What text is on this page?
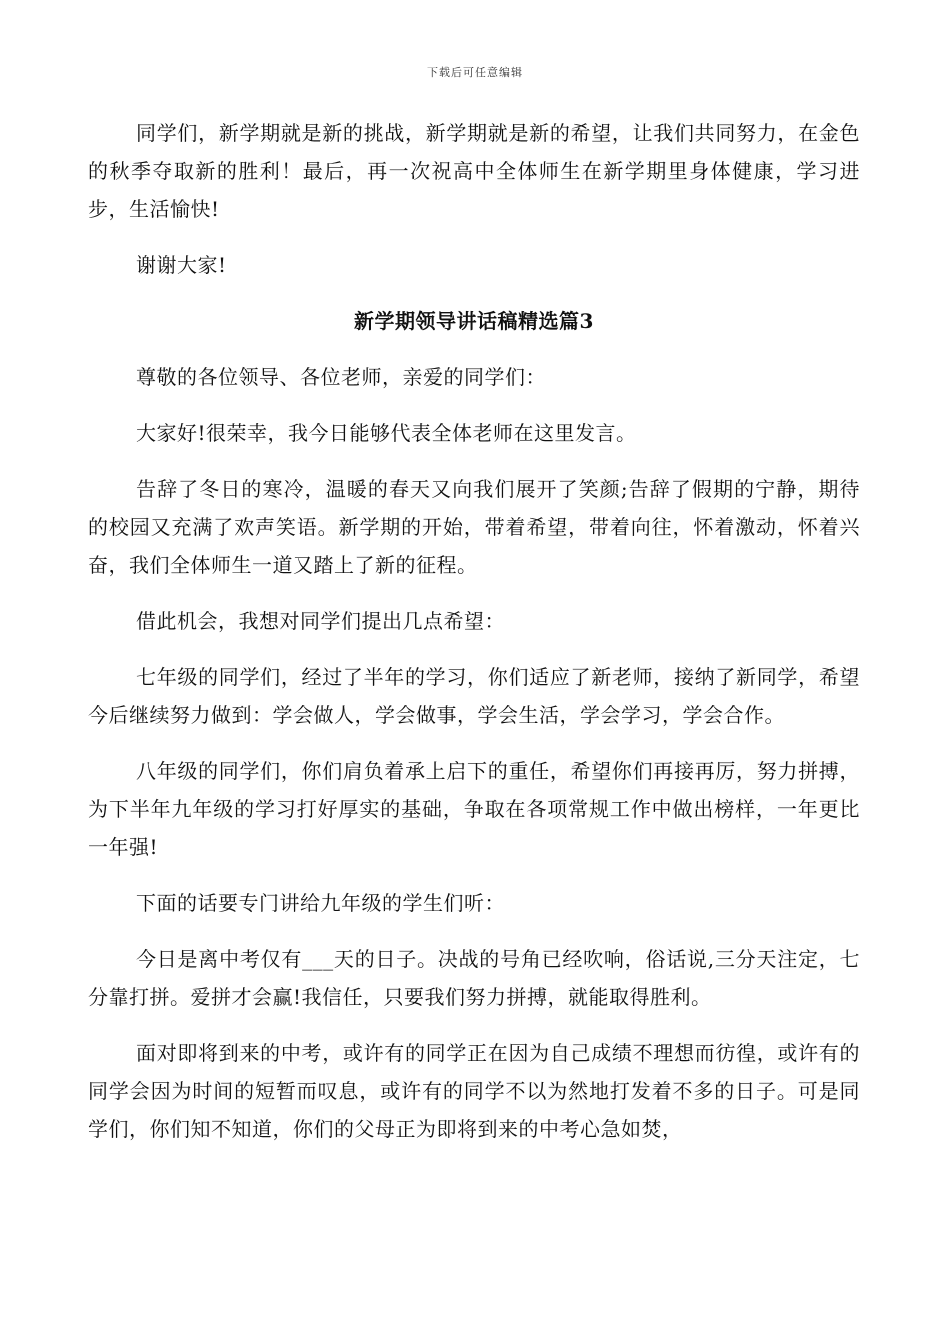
下载后可任意编辑

同学们，新学期就是新的挑战，新学期就是新的希望，让我们共同努力，在金色的秋季夺取新的胜利！最后，再一次祝高中全体师生在新学期里身体健康，学习进步，生活愉快!

谢谢大家!

新学期领导讲话稿精选篇3

尊敬的各位领导、各位老师，亲爱的同学们：

大家好!很荣幸，我今日能够代表全体老师在这里发言。

告辞了冬日的寒冷，温暖的春天又向我们展开了笑颜;告辞了假期的宁静，期待的校园又充满了欢声笑语。新学期的开始，带着希望，带着向往，怀着激动，怀着兴奋，我们全体师生一道又踏上了新的征程。

借此机会，我想对同学们提出几点希望：

七年级的同学们，经过了半年的学习，你们适应了新老师，接纳了新同学，希望今后继续努力做到：学会做人，学会做事，学会生活，学会学习，学会合作。

八年级的同学们，你们肩负着承上启下的重任，希望你们再接再厉，努力拼搏，为下半年九年级的学习打好厚实的基础，争取在各项常规工作中做出榜样，一年更比一年强!

下面的话要专门讲给九年级的学生们听：

今日是离中考仅有___天的日子。决战的号角已经吹响，俗话说,三分天注定，七分靠打拼。爱拼才会赢!我信任，只要我们努力拼搏，就能取得胜利。

面对即将到来的中考，或许有的同学正在因为自己成绩不理想而彷徨，或许有的同学会因为时间的短暂而叹息，或许有的同学不以为然地打发着不多的日子。可是同学们，你们知不知道，你们的父母正为即将到来的中考心急如焚，
